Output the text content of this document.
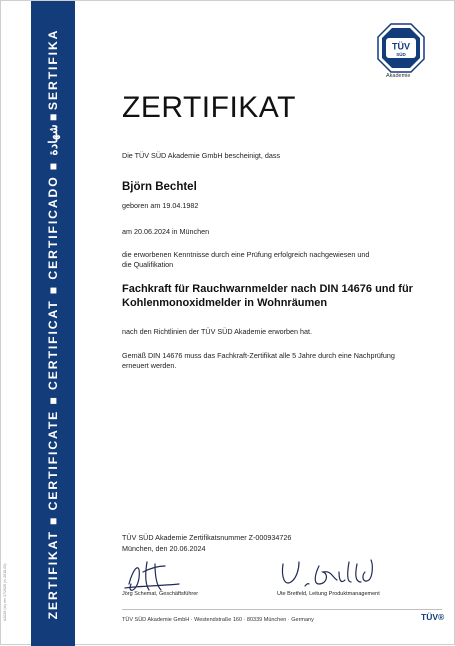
ZERTIFIKAT ■ CERTIFICATE ■ CERTIFICAT ■ CERTIFICADO ■ شهادة ■ SERTIFIKA
A2026 (br) rev 17/2025 (rv 2018-03)
TÜV
SÜD
Akademie
ZERTIFIKAT
Die TÜV SÜD Akademie GmbH bescheinigt, dass
Björn Bechtel
geboren am 19.04.1982
am 20.06.2024 in München
die erworbenen Kenntnisse durch eine Prüfung erfolgreich nachgewiesen und
die Qualifikation
Fachkraft für Rauchwarnmelder nach DIN 14676 und für
Kohlenmonoxidmelder in Wohnräumen
nach den Richtlinien der TÜV SÜD Akademie erworben hat.
Gemäß DIN 14676 muss das Fachkraft-Zertifikat alle 5 Jahre durch eine Nachprüfung
erneuert werden.
TÜV SÜD Akademie Zertifikatsnummer Z-000934726
München, den 20.06.2024
Jörg Schemat, Geschäftsführer	Ute Bretfeld, Leitung Produktmanagement
TÜV SÜD Akademie GmbH · Westendstraße 160 · 80339 München · Germany	TÜV®
